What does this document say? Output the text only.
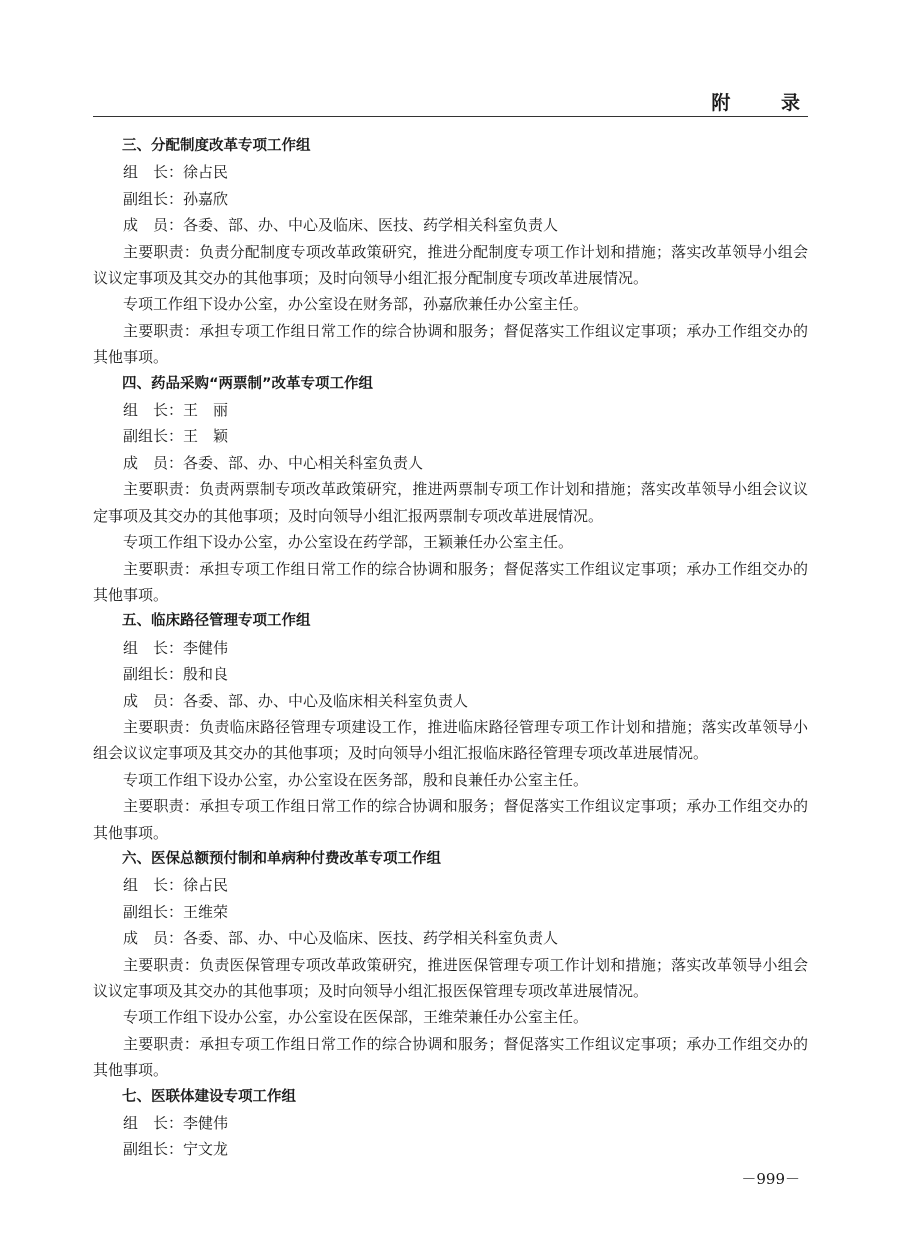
附 录

三、分配制度改革专项工作组

组　长：徐占民

副组长：孙嘉欣

成　员：各委、部、办、中心及临床、医技、药学相关科室负责人

主要职责：负责分配制度专项改革政策研究，推进分配制度专项工作计划和措施；落实改革领导小组会议议定事项及其交办的其他事项；及时向领导小组汇报分配制度专项改革进展情况。

专项工作组下设办公室，办公室设在财务部，孙嘉欣兼任办公室主任。

主要职责：承担专项工作组日常工作的综合协调和服务；督促落实工作组议定事项；承办工作组交办的其他事项。

四、药品采购“两票制”改革专项工作组

组　长：王　丽

副组长：王　颖

成　员：各委、部、办、中心相关科室负责人

主要职责：负责两票制专项改革政策研究，推进两票制专项工作计划和措施；落实改革领导小组会议议定事项及其交办的其他事项；及时向领导小组汇报两票制专项改革进展情况。

专项工作组下设办公室，办公室设在药学部，王颖兼任办公室主任。

主要职责：承担专项工作组日常工作的综合协调和服务；督促落实工作组议定事项；承办工作组交办的其他事项。

五、临床路径管理专项工作组

组　长：李健伟

副组长：殷和良

成　员：各委、部、办、中心及临床相关科室负责人

主要职责：负责临床路径管理专项建设工作，推进临床路径管理专项工作计划和措施；落实改革领导小组会议议定事项及其交办的其他事项；及时向领导小组汇报临床路径管理专项改革进展情况。

专项工作组下设办公室，办公室设在医务部，殷和良兼任办公室主任。

主要职责：承担专项工作组日常工作的综合协调和服务；督促落实工作组议定事项；承办工作组交办的其他事项。

六、医保总额预付制和单病种付费改革专项工作组

组　长：徐占民

副组长：王维荣

成　员：各委、部、办、中心及临床、医技、药学相关科室负责人

主要职责：负责医保管理专项改革政策研究，推进医保管理专项工作计划和措施；落实改革领导小组会议议定事项及其交办的其他事项；及时向领导小组汇报医保管理专项改革进展情况。

专项工作组下设办公室，办公室设在医保部，王维荣兼任办公室主任。

主要职责：承担专项工作组日常工作的综合协调和服务；督促落实工作组议定事项；承办工作组交办的其他事项。

七、医联体建设专项工作组

组　长：李健伟

副组长：宁文龙

－999－
